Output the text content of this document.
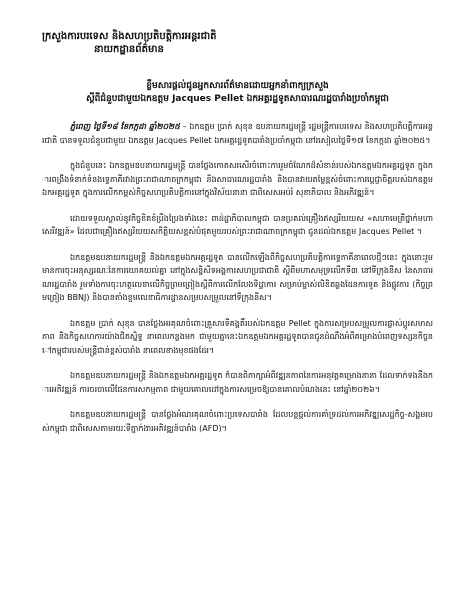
ក្រសួងការបរទេស និងសហប្រតិបត្តិការអន្តរជាតិ

នាយកដ្ឋានព័ត៌មាន

ខ្លឹមសារផ្តល់ជូនអ្នកសារព័ត៌មានដោយអ្នកនាំពាក្យក្រសួង
ស្តីពីជំនួបជាមួយឯកឧត្តម Jacques Pellet ឯកអគ្គរដ្ឋទូតសាធារណរដ្ឋបារាំងប្រចាំកម្ពុជា

ភ្នំពេញ ថ្ងៃទី១៨ ខែកក្កដា ឆ្នាំ២០២៥ – ឯកឧត្តម ប្រាក់ សុខុន ឧបនាយករដ្ឋមន្ត្រី រដ្ឋមន្ត្រីការបរទេស និងសហប្រតិបត្តិការអន្តរជាតិ បានទទួលជំនួបជាមួយ ឯកឧត្តម Jacques Pellet ឯកអគ្គរដ្ឋទូតបារាំងប្រចាំកម្ពុជា នៅរសៀលថ្ងៃទី១៧ ខែកក្កដា ឆ្នាំ២០២៥។

ក្នុងជំនួបនេះ ឯកឧត្តមឧបនាយករដ្ឋមន្ត្រី បានថ្លែងកោតសរសើរចំពោះការរួមចំណែកដ៏សំខាន់របស់ឯកឧត្តមឯកអគ្គរដ្ឋទូត ក្នុងការពង្រឹងទំនាក់ទំនងទ្វេភាគីរវាងព្រះរាជាណាចក្រកម្ពុជា និងសាធារណរដ្ឋបារាំង និងបានវាយតម្លៃខ្ពស់ចំពោះការប្តេជ្ញាចិត្តរបស់ឯកឧត្តមឯកអគ្គរដ្ឋទូត ក្នុងការលើកកម្ពស់កិច្ចសហប្រតិបត្តិការនៅក្នុងវិស័យនានា ជាពិសេសអប់រំ សុខាភិបាល និងអភិវឌ្ឍន៍។

ដោយទទួលស្គាល់នូវកិច្ចខិតខំប្រឹងប្រែងទាំងនេះ ពាដ់ដ្ឋាភិបាលកម្ពុជា បានប្រគល់គ្រឿងឥស្សរិយយស «សហាមេត្រីថ្នាក់មហាសេរីវឌ្ឍន៍» ដែលជាគ្រឿងឥស្សរិយយសកិត្តិយសខ្ពស់បំផុតមួយរបស់ព្រះរាជាណាចក្រកម្ពុជា ជូនដល់ឯកឧត្តម Jacques Pellet ។

ឯកឧត្តមឧបនាយករដ្ឋមន្ត្រី និងឯកឧត្តមឯកអគ្គរដ្ឋទូត បានលើកឡើងពីកិច្ចសហប្រតិបត្តិការទ្វេភាគីនាពេលថ្មីៗនេះ ក្នុងនោះរួមមានការចុះអនុស្សរណៈនៃការយោគយល់គ្នា នៅក្នុងសន្និសីទអង្គការសហប្រជាជាតិ ស្តីពីមហាសមុទ្រលើកទី៣ នៅទីក្រុងនីស នៃសាធារណរដ្ឋបារាំង រួមទាំងការចុះហត្ថលេខាលើកិច្ចព្រមព្រៀងស្តីពីការលើកលែងទិដ្ឋាការ សម្រាប់ម្ចាស់លិខិតឆ្លងដែនការទូត និងផ្លូវការ (កិច្ចព្រមព្រៀង BBNJ) និងបានតាំងខ្ទមលេខាធិការដ្ឋានសម្របសម្រួលនៅទីក្រុងនីស។

ឯកឧត្តម ប្រាក់ សុខុន បានថ្លែងអរគុណចំពោះគ្រួសារទីគង្គតិ៍របស់ឯកឧត្តម Pellet ក្នុងការសម្របសម្រួលការផ្លាស់ប្តូរសមាសភាព និងកិច្ចសហការយ៉ាងជិតស្និទ្ធ នាពេលកន្លងមក ជាមួយគ្នានេះឯកឧត្តមឯកអគ្គរដ្ឋទូតបានជូនដំណឹងអំពីគម្រោងបំពេញទស្សនកិច្ចនៅកម្ពុជារបស់មន្ត្រីជាន់ខ្ពស់បារាំង នាពេលខាងមុខផងដែរ។

ឯកឧត្តមឧបនាយករដ្ឋមន្ត្រី និងឯកឧត្តមឯកអគ្គរដ្ឋទូត ក៏បានពិភាក្សាអំពីវឌ្ឍនភាពនៃការអនុវត្តគម្រោងនានា ដែលទាក់ទងនឹងការអភិវឌ្ឍន៍ ការចរចាលើផែនការសកម្មភាព ជាមួយគោលដៅក្នុងការសម្រេចឱ្យបានគោលបំណងនេះ នៅឆ្នាំ២០២៦។

ឯកឧត្តមឧបនាយករដ្ឋមន្ត្រី បានថ្លែងអំណរគុណចំពោះប្រទេសបារាំង ដែលបន្តផ្តល់ការគាំទ្រដល់ការអភិវឌ្ឍសេដ្ឋកិច្ច-សង្គមរបស់កម្ពុជា ជាពិសេសតាមរយៈទីភ្នាក់ងារអភិវឌ្ឍន៍បារាំង (AFD)។
